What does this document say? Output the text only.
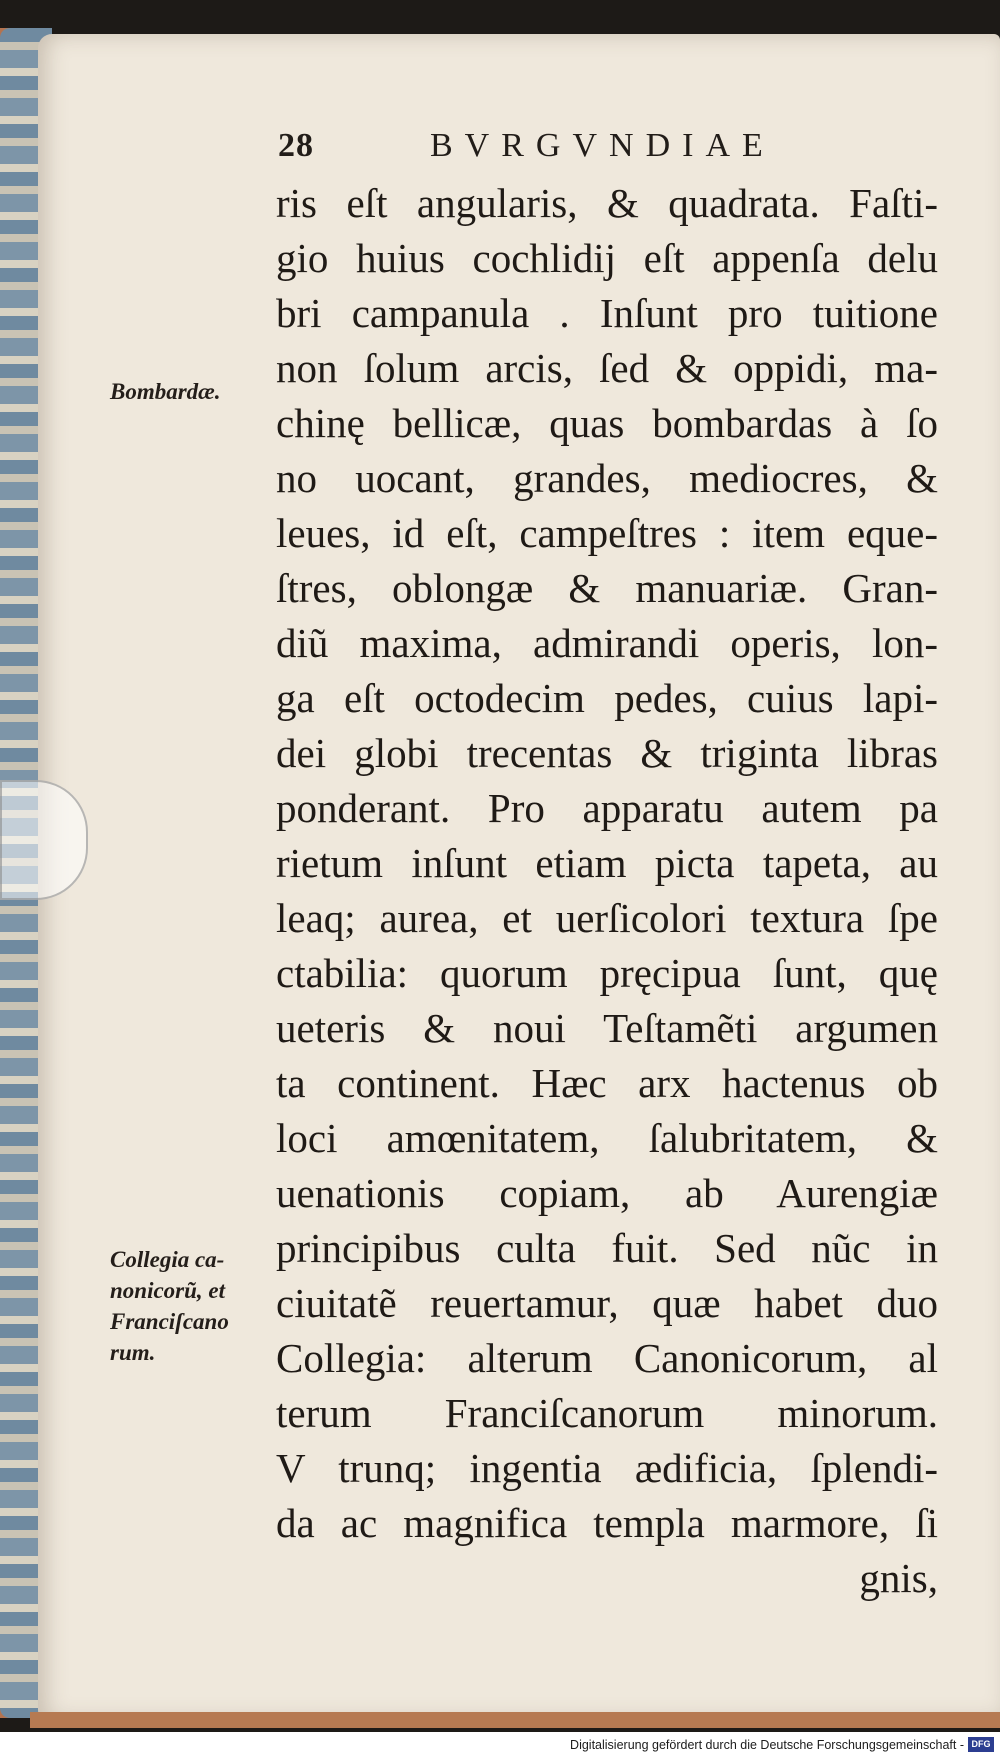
28	BVRGVNDIAE
ris eſt angularis, & quadrata. Faſti-
gio huius cochlidij eſt appenſa delu
bri campanula . Inſunt pro tuitione
non ſolum arcis, ſed & oppidi, ma-
chinę bellicæ, quas bombardas à ſo
no uocant, grandes, mediocres, &
leues, id eſt, campeſtres : item eque-
ſtres, oblongæ & manuariæ. Gran-
diũ maxima, admirandi operis, lon-
ga eſt octodecim pedes, cuius lapi-
dei globi trecentas & triginta libras
ponderant. Pro apparatu autem pa
rietum inſunt etiam picta tapeta, au
leaq; aurea, et uerſicolori textura ſpe
ctabilia: quorum pręcipua ſunt, quę
ueteris & noui Teſtamẽti argumen
ta continent. Hæc arx hactenus ob
loci amœnitatem, ſalubritatem, &
uenationis copiam, ab Aurengiæ
principibus culta fuit. Sed nũc in
ciuitatẽ reuertamur, quæ habet duo
Collegia: alterum Canonicorum, al
terum Franciſcanorum minorum.
V trunq; ingentia ædificia, ſplendi-
da ac magnifica templa marmore, ſi
gnis,
Bombardæ.
Collegia ca-
nonicorũ, et
Franciſcano
rum.
Digitalisierung gefördert durch die Deutsche Forschungsgemeinschaft - DFG
